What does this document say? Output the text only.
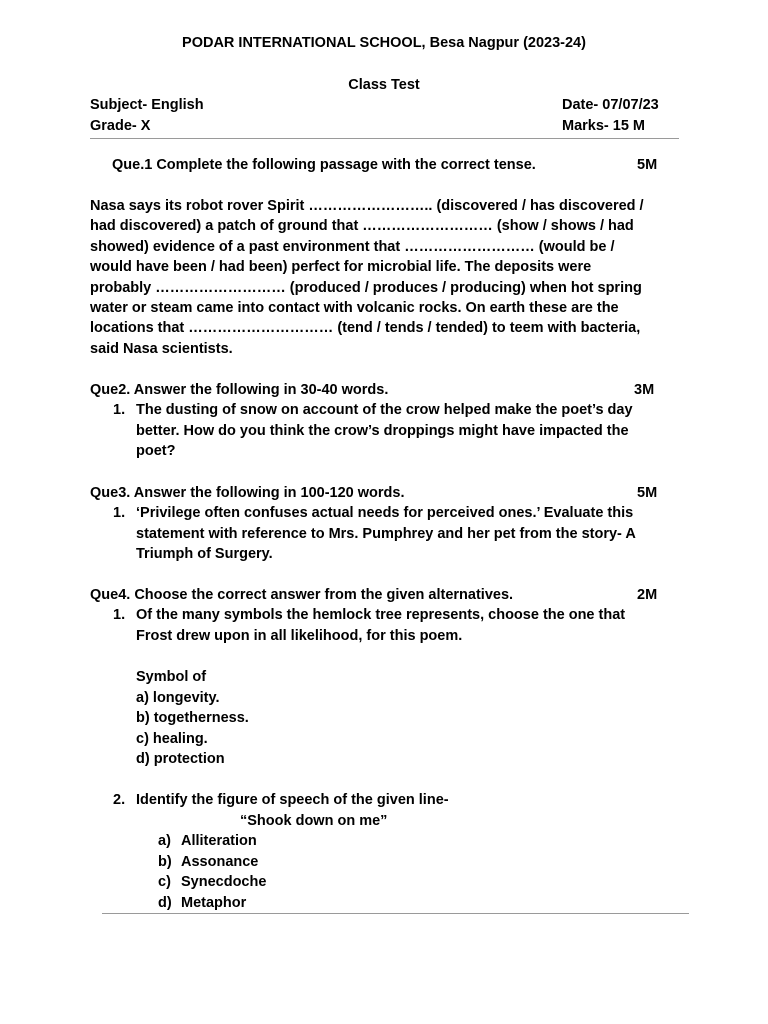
PODAR INTERNATIONAL SCHOOL, Besa Nagpur (2023-24)
Class Test
Subject- English	Date- 07/07/23
Grade- X	Marks- 15 M
Que.1 Complete the following passage with the correct tense.	5M
Nasa says its robot rover Spirit …………………….. (discovered / has discovered /
had discovered) a patch of ground that ……………………… (show / shows / had
showed) evidence of a past environment that ……………………… (would be /
would have been / had been) perfect for microbial life. The deposits were
probably ……………………… (produced / produces / producing) when hot spring
water or steam came into contact with volcanic rocks. On earth these are the
locations that ………………………… (tend / tends / tended) to teem with bacteria,
said Nasa scientists.
Que2. Answer the following in 30-40 words.	3M
1. The dusting of snow on account of the crow helped make the poet’s day
better. How do you think the crow’s droppings might have impacted the
poet?
Que3. Answer the following in 100-120 words.	5M
1. ‘Privilege often confuses actual needs for perceived ones.’ Evaluate this
statement with reference to Mrs. Pumphrey and her pet from the story- A
Triumph of Surgery.
Que4. Choose the correct answer from the given alternatives.	2M
1. Of the many symbols the hemlock tree represents, choose the one that
Frost drew upon in all likelihood, for this poem.
Symbol of
a) longevity.
b) togetherness.
c) healing.
d) protection
2. Identify the figure of speech of the given line-
“Shook down on me”
a) Alliteration
b) Assonance
c) Synecdoche
d) Metaphor
